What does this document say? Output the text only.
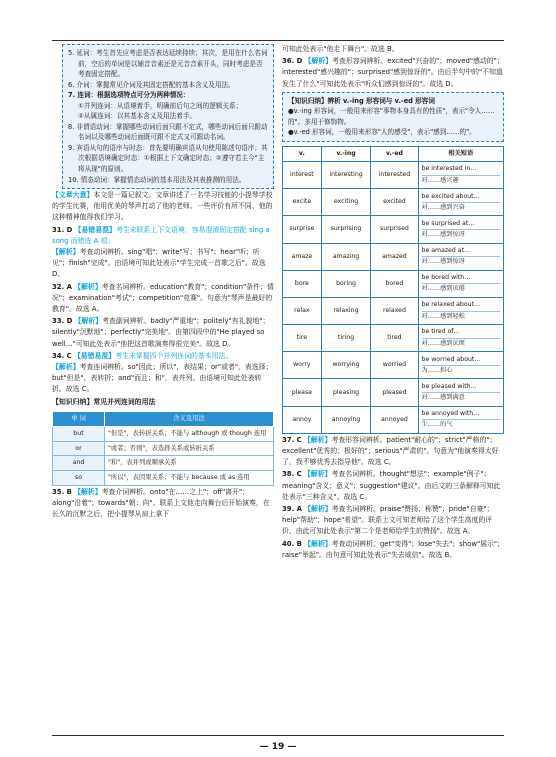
5. 延词：考生首先应考虑是否表达延续持续；其次，是用在什么名词前，空后的单词是以辅音音素还是元音音素开头，同时考虑是否考查固定搭配。

6. 介词：掌握常见介词及其固定搭配的基本含义及用法。

7. 连词：根据选项特点可分为两种情况：

①并列连词：从语境着手，明确前后句之间的逻辑关系；

②从属连词：以其基本含义及用法着手。

8. 非谓语动词：掌握哪些动词后面只跟不定式，哪些动词后面只跟动名词以及哪些动词后面既可跟不定式又可跟动名词。

9. 宾语从句的语序与时态：首先要明确宾语从句使用陈述句语序；其次根据语境确定时态：①根据上下文确定时态；②遵守若主今"主将从现"的原则。

10. 情态动词：掌握情态动词的基本用法及其表推测的用法。

【文章大意】本文是一篇记叙文。文章讲述了一名学习技能的小提琴学校的学生比赛，他用优美的琴声打动了他的老师。一些评价有所不同，他的这种精神值得我们学习。

31. D 【易错易混】考生未联系上下文语境，容易混淆固定搭配 sing a song 而错选 A 项。

【解析】考查动词辨析。sing"唱"；write"写；书写"；hear"听；听见"；finish"完成"。由语境可知此处表示"学生完成一首歌之后"。故选 D。

32. A 【解析】考查名词辨析。education"教育"；condition"条件；情况"；examination"考试"；competition"竞赛"。句意为"琴声是最好的教育"。故选 A。

33. D 【解析】考查副词辨析。badly"严重地"；politely"有礼貌地"；silently"沉默地"；perfectly"完美地"。由第四段中的"He played so well…"可知此处表示"他把这首歌演奏得很完美"。故选 D。

34. C 【易错易混】考生未掌握四个并列连词的基本用法。

【解析】考查连词辨析。so"因此；所以"，表结果；or"或者"，表选择；but"但是"，表转折；and"而且；和"，表并列。由语境可知此处表转折。故选 C。

【知识归纳】常见并列连词的用法

单 词	含义及用法
but	"但是"，表转折关系；不能与 although 或 though 连用
or	"或者；否则"，表选择关系或转折关系
and	"和"，表并列或顺承关系
so	"所以"，表因果关系；不能与 because 或 as 连用

35. B 【解析】考查介词辨析。onto"在……之上"；off"离开"；along"沿着"；towards"朝；向"。联系上文他走向舞台后开始演奏，在长久的沉默之后，把小提琴从肩上拿下

可知此处表示"他走下舞台"。故选 B。

36. D 【解析】考查形容词辨析。excited"兴奋的"；moved"感动的"；interested"感兴趣的"；surprised"感到惊讶的"。由后半句中的"不知道发生了什么"可知此处表示"听众们感到惊讶的"。故选 D。

【知识归纳】辨析 v.-ing 形容词与 v.-ed 形容词

●v.-ing 形容词，一般用来形容"事物本身具有的性质"，表示"令人……的"。多用于修饰物。

●v.-ed 形容词，一般用来形容"人的感受"，表示"感到……的"。

v.	v.-ing	v.-ed	相关短语
interest	interesting	interested	be interested in…
对……感兴趣
excite	exciting	excited	be excited about…
对……感到兴奋
surprise	surprising	surprised	be surprised at…
对……感到惊讶
amaze	amazing	amazed	be amazed at…
对……感到惊讶
bore	boring	bored	be bored with…
对……感到厌倦
relax	relaxing	relaxed	be relaxed about…
对……感到轻松
tire	tiring	tired	be tired of…
对……感到厌烦
worry	worrying	worried	be worried about…
为……担心
please	pleasing	pleased	be pleased with…
对……感到满意
annoy	annoying	annoyed	be annoyed with…
生……的气

37. C 【解析】考查形容词辨析。patient"耐心的"；strict"严格的"；excellent"优秀的；极好的"；serious"严肃的"。句意为"他演奏得太好了，我不够优秀去指导他"。故选 C。

38. C 【解析】考查名词辨析。thought"想法"；example"例子"；meaning"含义；意义"；suggestion"建议"。由后文的三条解释可知此处表示"三种含义"。故选 C。

39. A 【解析】考查名词辨析。praise"赞扬；称赞"；pride"自豪"；help"帮助"；hope"希望"。联系上文可知老师给了这个学生高度的评价，由此可知此处表示"第二个是老师给学生的赞扬"。故选 A。

40. B 【解析】考查动词辨析。get"变得"；lose"失去"；show"展示"；raise"举起"。由句意可知此处表示"失去威信"。故选 B。

— 19 —
